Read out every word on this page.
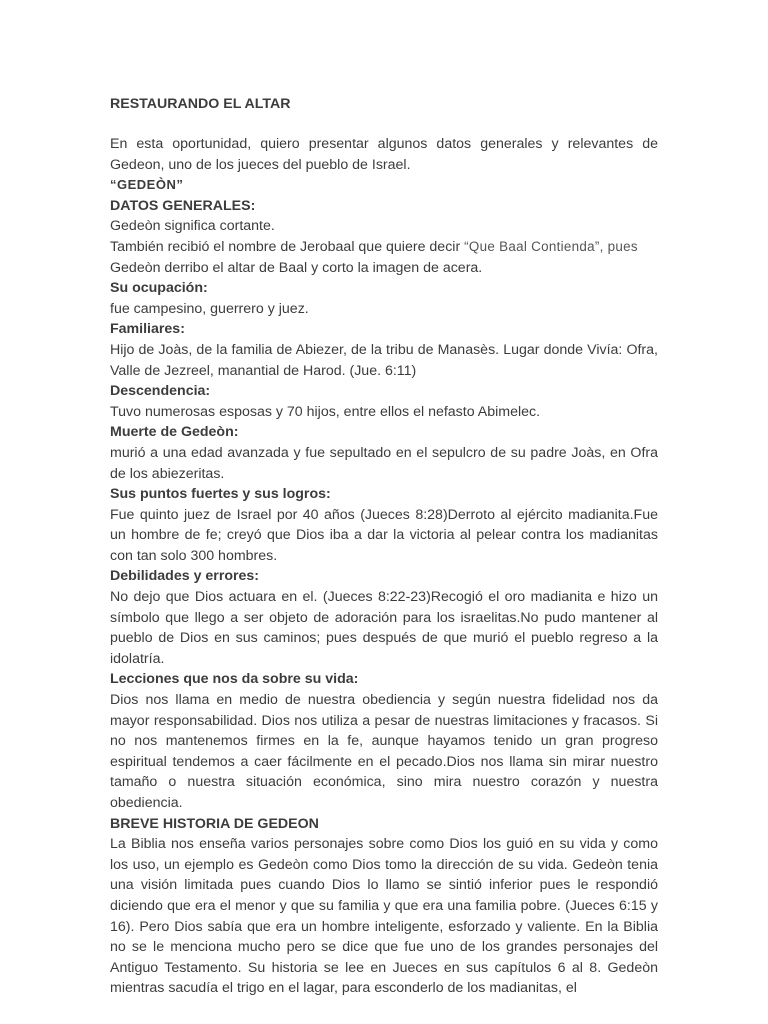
RESTAURANDO EL ALTAR

En esta oportunidad, quiero presentar algunos datos generales y relevantes de Gedeon, uno de los jueces del pueblo de Israel.

“GEDEÒN”

DATOS GENERALES:

Gedeòn significa cortante.

También recibió el nombre de Jerobaal que quiere decir “Que Baal Contienda”, pues
Gedeòn derribo el altar de Baal y corto la imagen de acera.

Su ocupación:

fue campesino, guerrero y juez.

Familiares:

Hijo de Joàs, de la familia de Abiezer, de la tribu de Manasès. Lugar donde Vivía: Ofra, Valle de Jezreel, manantial de Harod. (Jue. 6:11)

Descendencia:

Tuvo numerosas esposas y 70 hijos, entre ellos el nefasto Abimelec.

Muerte de Gedeòn:

murió a una edad avanzada y fue sepultado en el sepulcro de su padre Joàs, en Ofra de los abiezeritas.

Sus puntos fuertes y sus logros:

Fue quinto juez de Israel por 40 años (Jueces 8:28)Derroto al ejército madianita.Fue un hombre de fe; creyó que Dios iba a dar la victoria al pelear contra los madianitas con tan solo 300 hombres.

Debilidades y errores:

No dejo que Dios actuara en el. (Jueces 8:22-23)Recogió el oro madianita e hizo un símbolo que llego a ser objeto de adoración para los israelitas.No pudo mantener al pueblo de Dios en sus caminos; pues después de que murió el pueblo regreso a la idolatría.

Lecciones que nos da sobre su vida:

Dios nos llama en medio de nuestra obediencia y según nuestra fidelidad nos da mayor responsabilidad. Dios nos utiliza a pesar de nuestras limitaciones y fracasos. Si no nos mantenemos firmes en la fe, aunque hayamos tenido un gran progreso espiritual tendemos a caer fácilmente en el pecado.Dios nos llama sin mirar nuestro tamaño o nuestra situación económica, sino mira nuestro corazón y nuestra obediencia.

BREVE HISTORIA DE GEDEON

La Biblia nos enseña varios personajes sobre como Dios los guió en su vida y como los uso, un ejemplo es Gedeòn como Dios tomo la dirección de su vida. Gedeòn tenia una visión limitada pues cuando Dios lo llamo se sintió inferior pues le respondió diciendo que era el menor y que su familia y que era una familia pobre. (Jueces 6:15 y 16). Pero Dios sabía que era un hombre inteligente, esforzado y valiente. En la Biblia no se le menciona mucho pero se dice que fue uno de los grandes personajes del Antiguo Testamento. Su historia se lee en Jueces en sus capítulos 6 al 8. Gedeòn mientras sacudía el trigo en el lagar, para esconderlo de los madianitas, el
